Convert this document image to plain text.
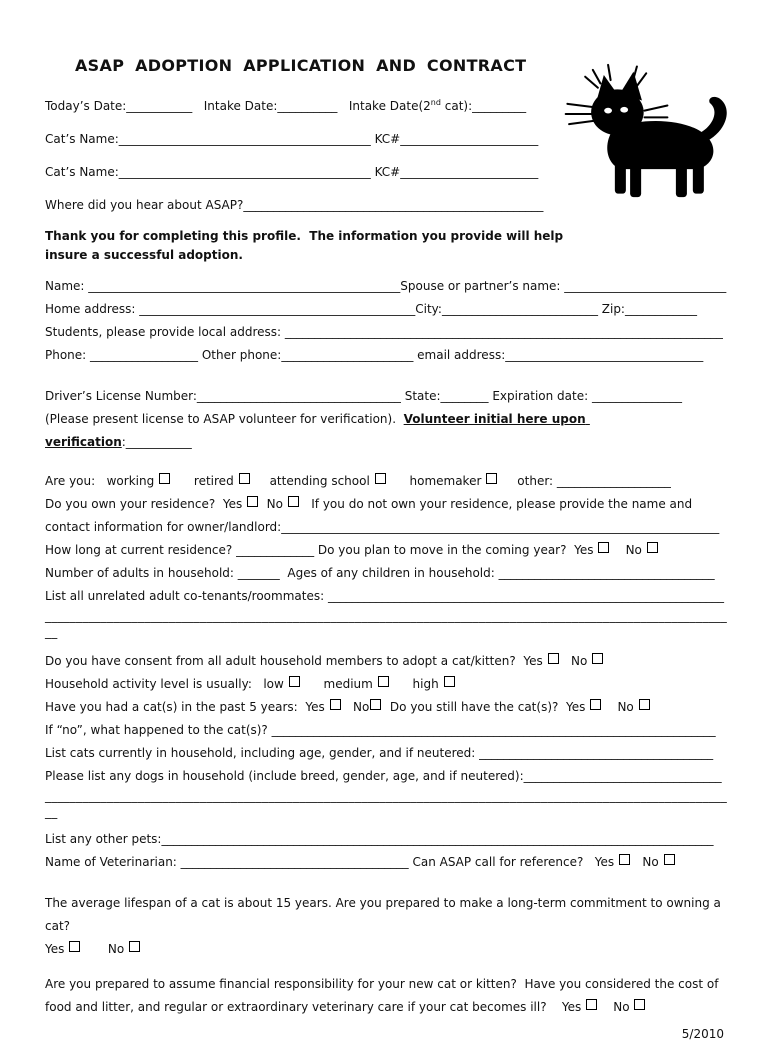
ASAP ADOPTION APPLICATION AND CONTRACT

Today’s Date:___________   Intake Date:__________   Intake Date(2nd cat):_________

Cat’s Name:__________________________________________ KC#_______________________

Cat’s Name:__________________________________________ KC#_______________________

Where did you hear about ASAP?__________________________________________________

Thank you for completing this profile.  The information you provide will help

insure a successful adoption.

Name: ____________________________________________________Spouse or partner’s name: ___________________________

Home address: ______________________________________________City:__________________________ Zip:____________

Students, please provide local address: _________________________________________________________________________

Phone: __________________ Other phone:______________________ email address:_________________________________

Driver’s License Number:__________________________________ State:________ Expiration date: _______________

(Please present license to ASAP volunteer for verification).  Volunteer initial here upon verification:___________

Are you:   working       retired      attending school       homemaker      other: ___________________

Do you own your residence?  Yes   No    If you do not own your residence, please provide the name and

contact information for owner/landlord:_________________________________________________________________________

How long at current residence? _____________ Do you plan to move in the coming year?  Yes     No

Number of adults in household: _______  Ages of any children in household: ____________________________________

List all unrelated adult co-tenants/roommates: __________________________________________________________________

________________________________________________________________________________________________________________

Do you have consent from all adult household members to adopt a cat/kitten?  Yes    No

Household activity level is usually:   low       medium       high

Have you had a cat(s) in the past 5 years:  Yes    No  Do you still have the cat(s)?  Yes     No

If “no”, what happened to the cat(s)? __________________________________________________________________________

List cats currently in household, including age, gender, and if neutered: _______________________________________

Please list any dogs in household (include breed, gender, age, and if neutered):_________________________________

________________________________________________________________________________________________________________

List any other pets:____________________________________________________________________________________________

Name of Veterinarian: ______________________________________ Can ASAP call for reference?   Yes    No

The average lifespan of a cat is about 15 years. Are you prepared to make a long-term commitment to owning a cat?

Yes        No

Are you prepared to assume financial responsibility for your new cat or kitten?  Have you considered the cost of

food and litter, and regular or extraordinary veterinary care if your cat becomes ill?    Yes     No

5/2010
